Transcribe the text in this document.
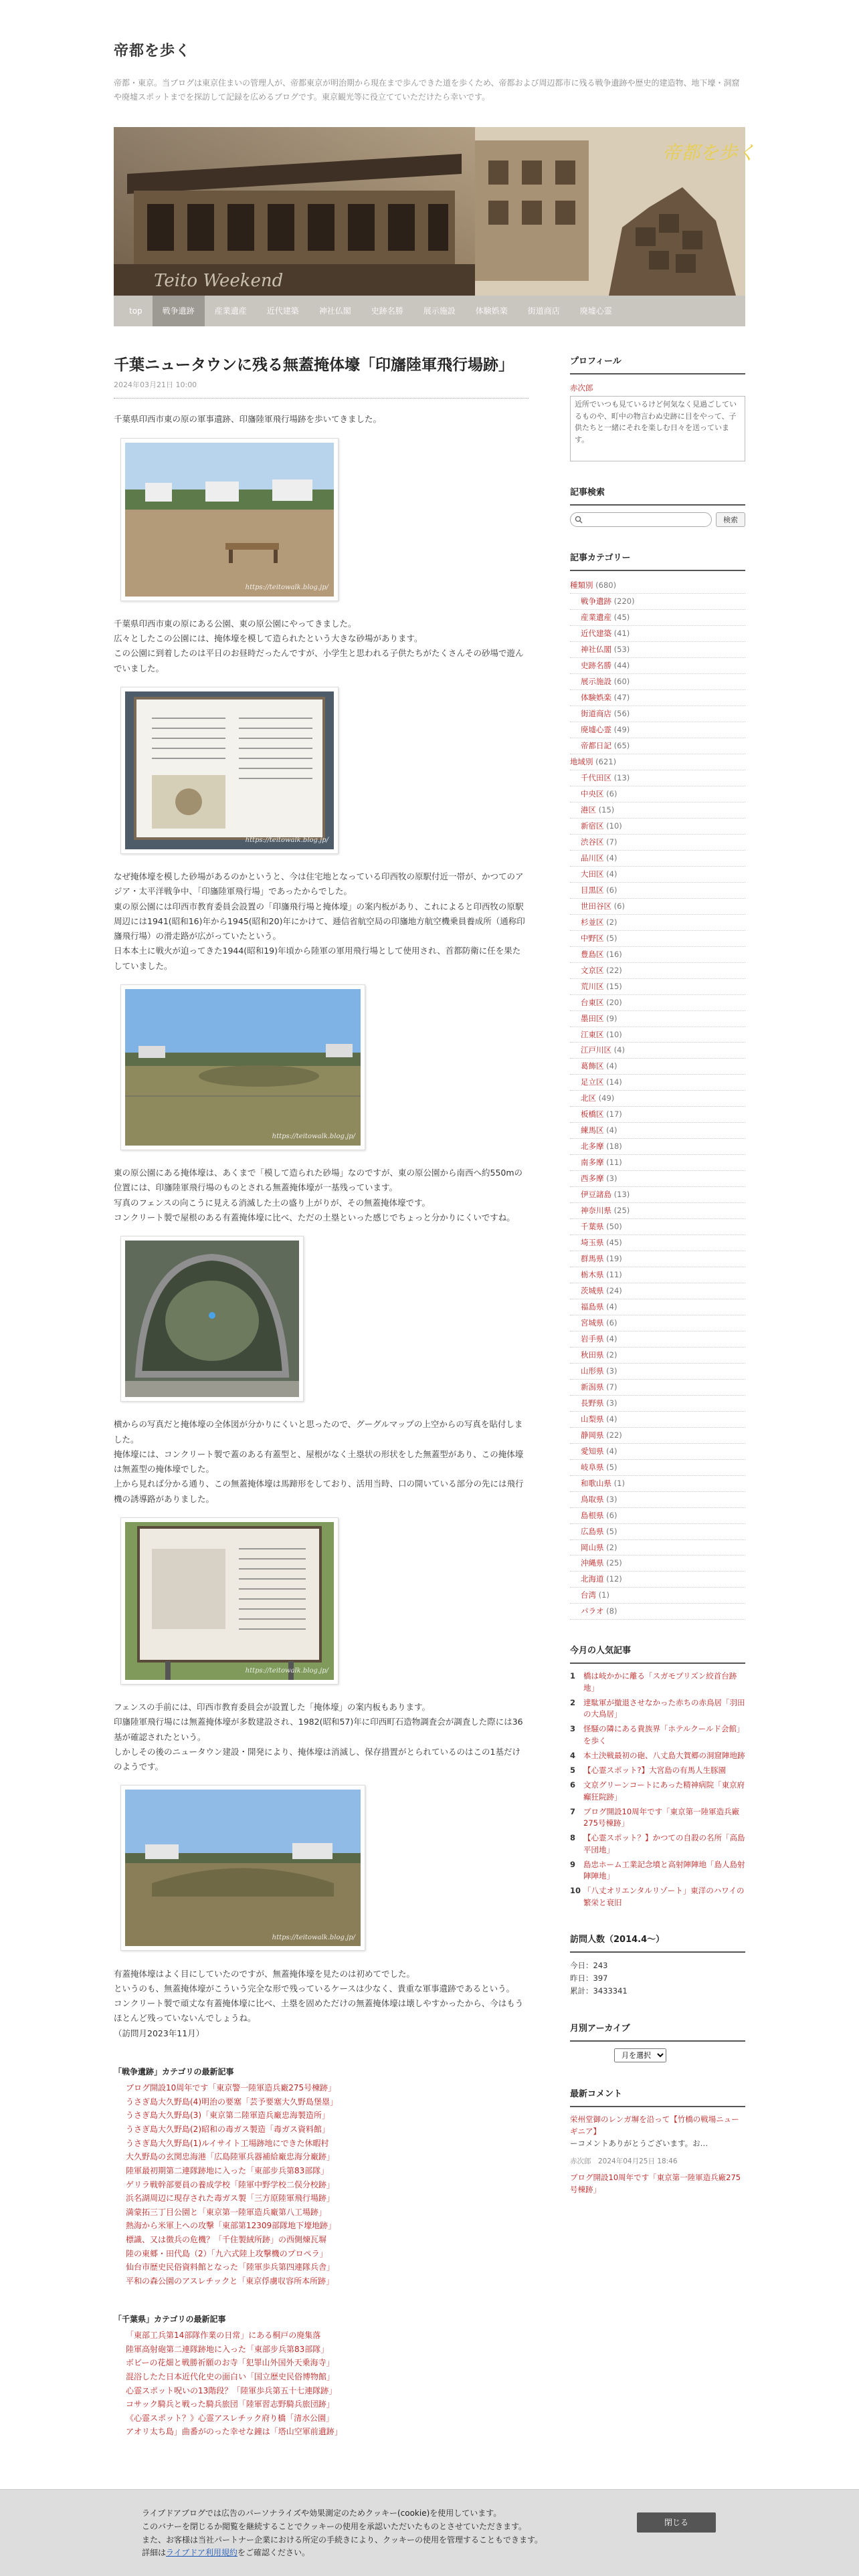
帝都を歩く
帝都・東京。当ブログは東京住まいの管理人が、帝都東京が明治期から現在まで歩んできた道を歩くため、帝都および周辺都市に残る戦争遺跡や歴史的建造物、地下壕・洞窟や廃墟スポットまでを探訪して記録を広めるブログです。東京観光等に役立てていただけたら幸いです。
帝都を歩く
Teito Weekend
top	戦争遺跡	産業遺産	近代建築	神社仏閣	史跡名勝	展示施設	体験娯楽	街道商店	廃墟心霊
千葉ニュータウンに残る無蓋掩体壕「印旛陸軍飛行場跡」
2024年03月21日 10:00

千葉県印西市東の原の軍事遺跡、印旛陸軍飛行場跡を歩いてきました。

https://teitowalk.blog.jp/

千葉県印西市東の原にある公園、東の原公園にやってきました。
広々としたこの公園には、掩体壕を模して造られたという大きな砂場があります。
この公園に到着したのは平日のお昼時だったんですが、小学生と思われる子供たちがたくさんその砂場で遊んでいました。

https://teitowalk.blog.jp/

なぜ掩体壕を模した砂場があるのかというと、今は住宅地となっている印西牧の原駅付近一帯が、かつてのアジア・太平洋戦争中、「印旛陸軍飛行場」であったからでした。
東の原公園には印西市教育委員会設置の「印旛飛行場と掩体壕」の案内板があり、これによると印西牧の原駅周辺には1941(昭和16)年から1945(昭和20)年にかけて、逓信省航空局の印旛地方航空機乗員養成所（通称印旛飛行場）の滑走路が広がっていたという。
日本本土に戦火が迫ってきた1944(昭和19)年頃から陸軍の軍用飛行場として使用され、首都防衛に任を果たしていました。

https://teitowalk.blog.jp/

東の原公園にある掩体壕は、あくまで「模して造られた砂場」なのですが、東の原公園から南西へ約550mの位置には、印旛陸軍飛行場のものとされる無蓋掩体壕が一基残っています。
写真のフェンスの向こうに見える消滅した土の盛り上がりが、その無蓋掩体壕です。
コンクリート製で屋根のある有蓋掩体壕に比べ、ただの土塁といった感じでちょっと分かりにくいですね。

横からの写真だと掩体壕の全体図が分かりにくいと思ったので、グーグルマップの上空からの写真を貼付しました。
掩体壕には、コンクリート製で蓋のある有蓋型と、屋根がなく土塁状の形状をした無蓋型があり、この掩体壕は無蓋型の掩体壕でした。
上から見れば分かる通り、この無蓋掩体壕は馬蹄形をしており、活用当時、口の開いている部分の先には飛行機の誘導路がありました。

https://teitowalk.blog.jp/

フェンスの手前には、印西市教育委員会が設置した「掩体壕」の案内板もあります。
印旛陸軍飛行場には無蓋掩体壕が多数建設され、1982(昭和57)年に印西町石造物調査会が調査した際には36基が確認されたという。
しかしその後のニュータウン建設・開発により、掩体壕は消滅し、保存措置がとられているのはこの1基だけのようです。

https://teitowalk.blog.jp/

有蓋掩体壕はよく目にしていたのですが、無蓋掩体壕を見たのは初めてでした。
というのも、無蓋掩体壕がこういう完全な形で残っているケースは少なく、貴重な軍事遺跡であるという。
コンクリート製で頑丈な有蓋掩体壕に比べ、土塁を固めただけの無蓋掩体壕は壊しやすかったから、今はもうほとんど残っていないんでしょうね。
（訪問月2023年11月）

「戦争遺跡」カテゴリの最新記事
ブログ開設10周年です「東京警一陸軍造兵廠275号棟跡」
うさぎ島大久野島(4)明治の要塞「芸予要塞大久野島堡塁」
うさぎ島大久野島(3)「東京第二陸軍造兵廠忠海製造所」
うさぎ島大久野島(2)昭和の毒ガス製造「毒ガス資料館」
うさぎ島大久野島(1)ルイサイト工場跡地にできた休暇村
大久野島の玄関忠海港「広島陸軍兵器補給廠忠海分廠跡」
陸軍最初期第二連隊跡地に入った「東部步兵第83部隊」
ゲリラ戦幹部要員の養成学校「陸軍中野学校二俣分校跡」
浜名湖周辺に現存された毒ガス製「三方原陸軍飛行場跡」
満蒙拓三丁目公園と「東京第一陸軍造兵廠第八工場跡」
熱海から米軍上への攻撃「東部第12309部隊地下壕地跡」
標識、又は徴兵の危機？「千住製絨所跡」の西側煉瓦塀
陸の東郷・田代島（2）「九六式陸上攻撃機のプロペラ」
仙台市歴史民俗資料館となった「陸軍歩兵第四連隊兵舎」
平和の森公園のアスレチックと「東京俘虜収容所本所跡」
「千葉県」カテゴリの最新記事
「東部工兵第14部隊作業の日常」にある桐戸の廃集落
陸軍高射砲第二連隊跡地に入った「東部步兵第83部隊」
ボビーの花畑と戦勝祈願のお寺「犯罪山外国外天乗海寺」
混浴したた日本近代化史の面白い「国立歴史民俗博物館」
心霊スポット呪いの13階段？「陸軍歩兵第五十七連隊跡」
コサック騎兵と戦った騎兵旅団「陸軍習志野騎兵旅団跡」
《心霊スポット？》心霊アスレチック府り橋「清水公園」
アオリ太ち島」曲番がのった幸せな鐘は「塔山空軍前遺跡」
プロフィール
赤次郎
近所でいつも見ているけど何気なく見過ごしているものや、町中の物言わぬ史跡に目をやって、子供たちと一緒にそれを楽しむ日々を送っています。
記事検索
検索
記事カテゴリー
種類別 (680)
戦争遺跡 (220)
産業遺産 (45)
近代建築 (41)
神社仏閣 (53)
史跡名勝 (44)
展示施設 (60)
体験娯楽 (47)
街道商店 (56)
廃墟心霊 (49)
帝都日記 (65)
地域別 (621)
千代田区 (13)
中央区 (6)
港区 (15)
新宿区 (10)
渋谷区 (7)
品川区 (4)
大田区 (4)
目黒区 (6)
世田谷区 (6)
杉並区 (2)
中野区 (5)
豊島区 (16)
文京区 (22)
荒川区 (15)
台東区 (20)
墨田区 (9)
江東区 (10)
江戸川区 (4)
葛飾区 (4)
足立区 (14)
北区 (49)
板橋区 (17)
練馬区 (4)
北多摩 (18)
南多摩 (11)
西多摩 (3)
伊豆諸島 (13)
神奈川県 (25)
千葉県 (50)
埼玉県 (45)
群馬県 (19)
栃木県 (11)
茨城県 (24)
福島県 (4)
宮城県 (6)
岩手県 (4)
秋田県 (2)
山形県 (3)
新潟県 (7)
長野県 (3)
山梨県 (4)
静岡県 (22)
愛知県 (4)
岐阜県 (5)
和歌山県 (1)
鳥取県 (3)
島根県 (6)
広島県 (5)
岡山県 (2)
沖縄県 (25)
北海道 (12)
台湾 (1)
パラオ (8)
今月の人気記事
1	橋は岐かかに離る「スガモプリズン絞首台跡地」
2	達駄軍が撤退させなかった赤ちの赤鳥居「羽田の大鳥居」
3	怪騒の隣にある貴族界「ホテルクールド会館」を歩く
4	本土決戦最初の砲、八丈島大賀郷の洞窟陣地跡
5	【心霊スポット?】大宮島の有馬人生豚園
6	文京グリーンコートにあった精神病院「東京府癲狂院跡」
7	ブログ開設10周年です「東京第一陸軍造兵廠275号棟跡」
8	【心霊スポット？】かつての自殺の名所「高島平団地」
9	島忠ホーム工業記念墳と高射陣陣地「島人島射陣陣地」
10 「八丈オリエンタルリゾート」東洋のハワイの繁栄と衰旧
訪問人数（2014.4〜）
今日：243
昨日：397
累計：3433341
月別アーカイブ
月を選択
最新コメント
栄州堂御のレンガ塀を沿って【竹橋の戦場ニューギニア】
ーコメントありがとうございます。お…
赤次郎　2024年04月25日 18:46
ブログ開設10周年です「東京第一陸軍造兵廠275号棟跡」
ライブドアブログでは広告のパーソナライズや効果測定のためクッキー(cookie)を使用しています。
このバナーを閉じるか閲覧を継続することでクッキーの使用を承認いただいたものとさせていただきます。
また、お客様は当社パートナー企業における所定の手続きにより、クッキーの使用を管理することもできます。
詳細はライブドア利用規約をご確認ください。
閉じる
